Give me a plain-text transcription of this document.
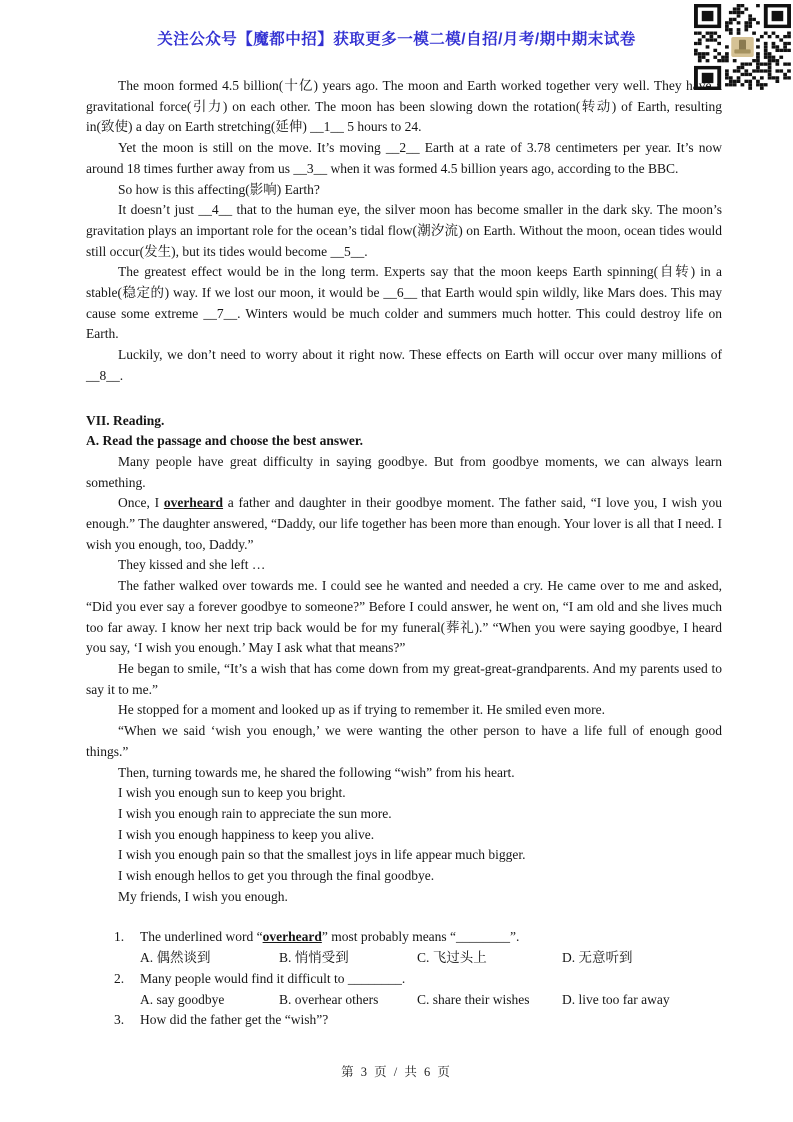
关注公众号【魔都中招】获取更多一模二模/自招/月考/期中期末试卷

The moon formed 4.5 billion(十亿) years ago. The moon and Earth worked together very well. They have a gravitational force(引力) on each other. The moon has been slowing down the rotation(转动) of Earth, resulting in(致使) a day on Earth stretching(延伸) __1__ 5 hours to 24.

Yet the moon is still on the move. It’s moving __2__ Earth at a rate of 3.78 centimeters per year. It’s now around 18 times further away from us __3__ when it was formed 4.5 billion years ago, according to the BBC.

So how is this affecting(影响) Earth?

It doesn’t just __4__ that to the human eye, the silver moon has become smaller in the dark sky. The moon’s gravitation plays an important role for the ocean’s tidal flow(潮汐流) on Earth. Without the moon, ocean tides would still occur(发生), but its tides would become __5__.

The greatest effect would be in the long term. Experts say that the moon keeps Earth spinning(自转) in a stable(稳定的) way. If we lost our moon, it would be __6__ that Earth would spin wildly, like Mars does. This may cause some extreme __7__. Winters would be much colder and summers much hotter. This could destroy life on Earth.

Luckily, we don’t need to worry about it right now. These effects on Earth will occur over many millions of __8__.

VII. Reading.

A. Read the passage and choose the best answer.

Many people have great difficulty in saying goodbye. But from goodbye moments, we can always learn something.

Once, I overheard a father and daughter in their goodbye moment. The father said, “I love you, I wish you enough.” The daughter answered, “Daddy, our life together has been more than enough. Your lover is all that I need. I wish you enough, too, Daddy.”

They kissed and she left …

The father walked over towards me. I could see he wanted and needed a cry. He came over to me and asked, “Did you ever say a forever goodbye to someone?” Before I could answer, he went on, “I am old and she lives much too far away. I know her next trip back would be for my funeral(葬礼).” “When you were saying goodbye, I heard you say, ‘I wish you enough.’ May I ask what that means?”

He began to smile, “It’s a wish that has come down from my great-great-grandparents. And my parents used to say it to me.”

He stopped for a moment and looked up as if trying to remember it. He smiled even more.

“When we said ‘wish you enough,’ we were wanting the other person to have a life full of enough good things.”

Then, turning towards me, he shared the following “wish” from his heart.

I wish you enough sun to keep you bright.

I wish you enough rain to appreciate the sun more.

I wish you enough happiness to keep you alive.

I wish you enough pain so that the smallest joys in life appear much bigger.

I wish enough hellos to get you through the final goodbye.

My friends, I wish you enough.

1.	The underlined word “overheard” most probably means “________”.
A. 偶然谈到	B. 悄悄受到	C. 飞过头上	D. 无意听到
2.	Many people would find it difficult to ________.
A. say goodbye	B. overhear others	C. share their wishes	D. live too far away
3.	How did the father get the “wish”?
第 3 页 / 共 6 页
